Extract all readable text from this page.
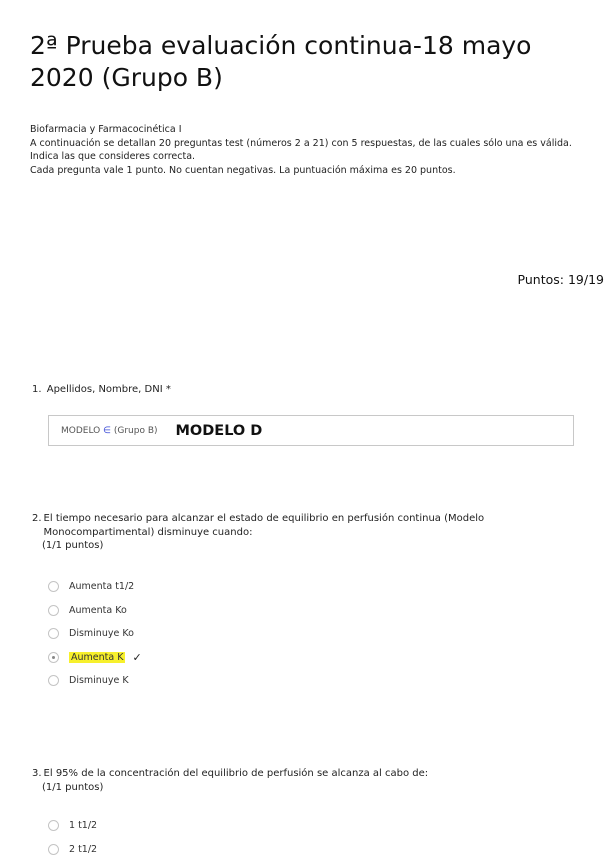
2ª Prueba evaluación continua-18 mayo 2020 (Grupo B)
Biofarmacia y Farmacocinética I
A continuación se detallan 20 preguntas test (números 2 a 21) con 5 respuestas, de las cuales sólo una es válida.
Indica las que consideres correcta.
Cada pregunta vale 1 punto. No cuentan negativas. La puntuación máxima es 20 puntos.
Puntos: 19/19
1. Apellidos, Nombre, DNI *
MODELO ∈ (Grupo B) MODELO D
2. El tiempo necesario para alcanzar el estado de equilibrio en perfusión continua (Modelo Monocompartimental) disminuye cuando:
(1/1 puntos)
Aumenta t1/2
Aumenta Ko
Disminuye Ko
Aumenta K ✓
Disminuye K
3. El 95% de la concentración del equilibrio de perfusión se alcanza al cabo de:
(1/1 puntos)
1 t1/2
2 t1/2
